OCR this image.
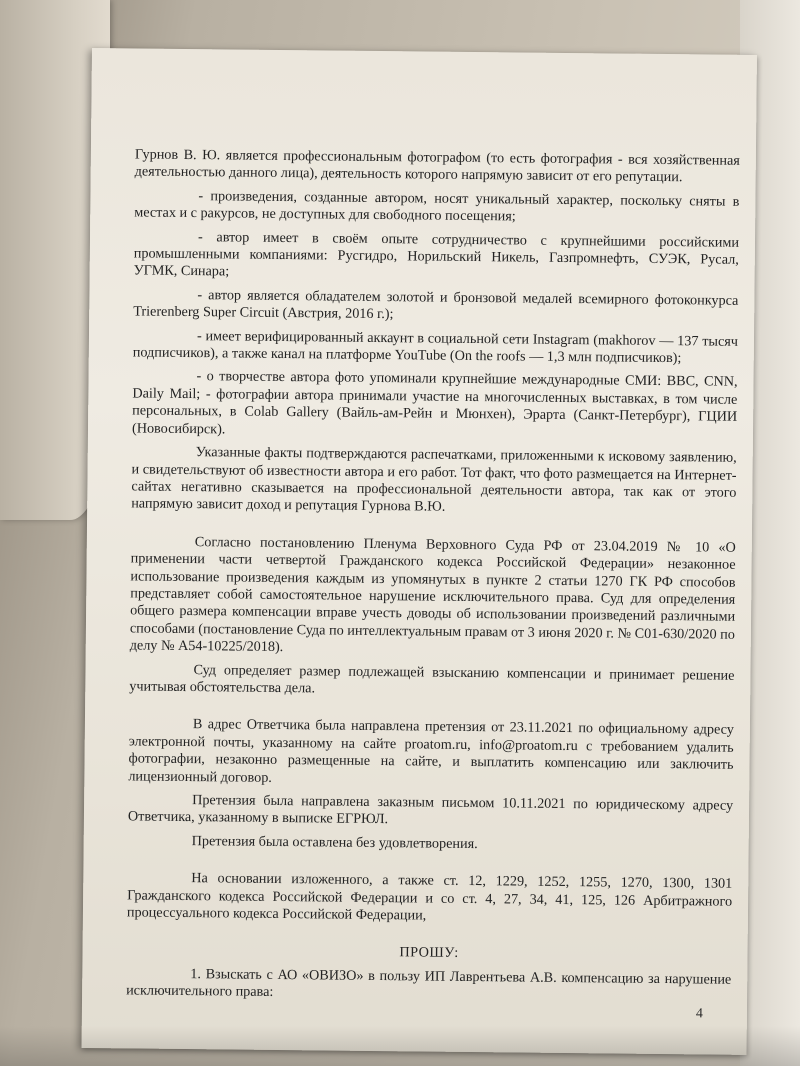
Гурнов В. Ю. является профессиональным фотографом (то есть фотография - вся хозяйственная деятельностью данного лица), деятельность которого напрямую зависит от его репутации.

- произведения, созданные автором, носят уникальный характер, поскольку сняты в местах и с ракурсов, не доступных для свободного посещения;

- автор имеет в своём опыте сотрудничество с крупнейшими российскими промышленными компаниями: Русгидро, Норильский Никель, Газпромнефть, СУЭК, Русал, УГМК, Синара;

- автор является обладателем золотой и бронзовой медалей всемирного фотоконкурса Trierenberg Super Circuit (Австрия, 2016 г.);

- имеет верифицированный аккаунт в социальной сети Instagram (makhorov — 137 тысяч подписчиков), а также канал на платформе YouTube (On the roofs — 1,3 млн подписчиков);

- о творчестве автора фото упоминали крупнейшие международные СМИ: BBC, CNN, Daily Mail; - фотографии автора принимали участие на многочисленных выставках, в том числе персональных, в Colab Gallery (Вайль-ам-Рейн и Мюнхен), Эрарта (Санкт-Петербург), ГЦИИ (Новосибирск).

Указанные факты подтверждаются распечатками, приложенными к исковому заявлению, и свидетельствуют об известности автора и его работ. Тот факт, что фото размещается на Интернет-сайтах негативно сказывается на профессиональной деятельности автора, так как от этого напрямую зависит доход и репутация Гурнова В.Ю.

Согласно постановлению Пленума Верховного Суда РФ от 23.04.2019 № 10 «О применении части четвертой Гражданского кодекса Российской Федерации» незаконное использование произведения каждым из упомянутых в пункте 2 статьи 1270 ГК РФ способов представляет собой самостоятельное нарушение исключительного права. Суд для определения общего размера компенсации вправе учесть доводы об использовании произведений различными способами (постановление Суда по интеллектуальным правам от 3 июня 2020 г. № С01-630/2020 по делу № А54-10225/2018).

Суд определяет размер подлежащей взысканию компенсации и принимает решение учитывая обстоятельства дела.

В адрес Ответчика была направлена претензия от 23.11.2021 по официальному адресу электронной почты, указанному на сайте proatom.ru, info@proatom.ru с требованием удалить фотографии, незаконно размещенные на сайте, и выплатить компенсацию или заключить лицензионный договор.

Претензия была направлена заказным письмом 10.11.2021 по юридическому адресу Ответчика, указанному в выписке ЕГРЮЛ.

Претензия была оставлена без удовлетворения.

На основании изложенного, а также ст. 12, 1229, 1252, 1255, 1270, 1300, 1301 Гражданского кодекса Российской Федерации и со ст. 4, 27, 34, 41, 125, 126 Арбитражного процессуального кодекса Российской Федерации,

ПРОШУ:

1. Взыскать с АО «ОВИЗО» в пользу ИП Лаврентьева А.В. компенсацию за нарушение исключительного права:

4
